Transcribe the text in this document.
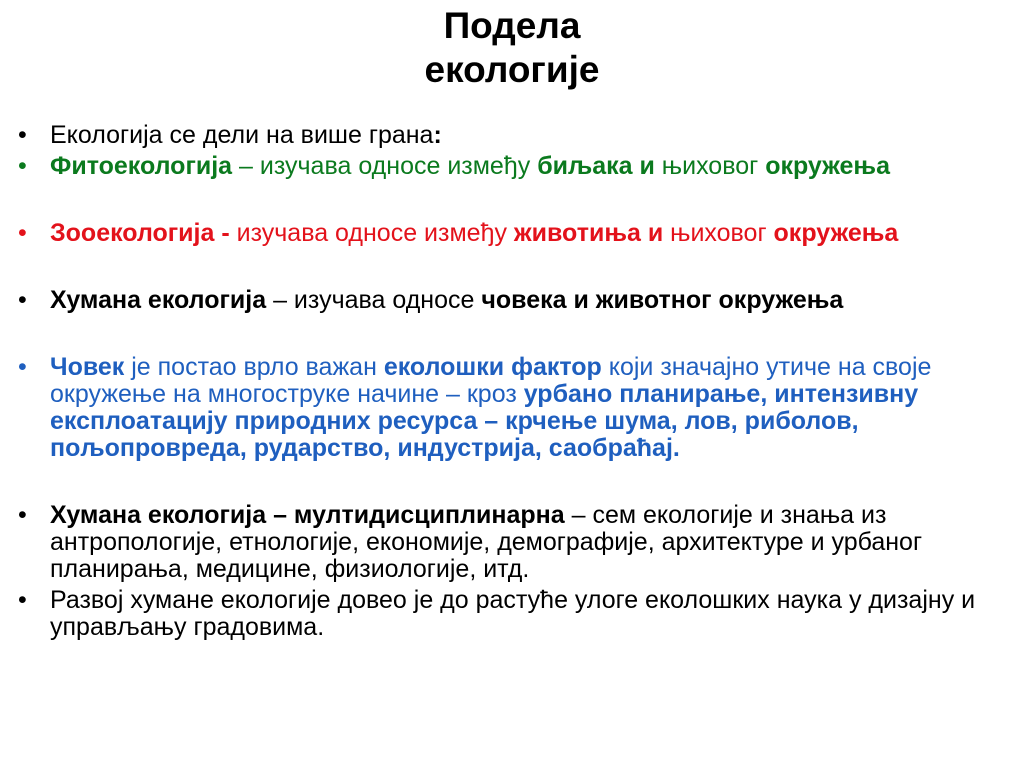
Подела
екологије
• Екологија се дели на више грана:
• Фитоекологија – изучава односе између биљака и њиховог окружења
• Зооекологија - изучава односе између животиња и њиховог окружења
• Хумана екологија – изучава односе човека и животног окружења
• Човек је постао врло важан еколошки фактор који значајно утиче на своје окружење на многоструке начине – кроз урбано планирање, интензивну експлоатацију природних ресурса – крчење шума, лов, риболов, пољопровреда, рударство, индустрија, саобраћај.
• Хумана екологија – мултидисциплинарна – сем екологије и знања из антропологије, етнологије, економије, демографије, архитектуре и урбаног планирања, медицине, физиологије, итд.
• Развој хумане екологије довео је до растуће улоге еколошких наука у дизајну и управљању градовима.
